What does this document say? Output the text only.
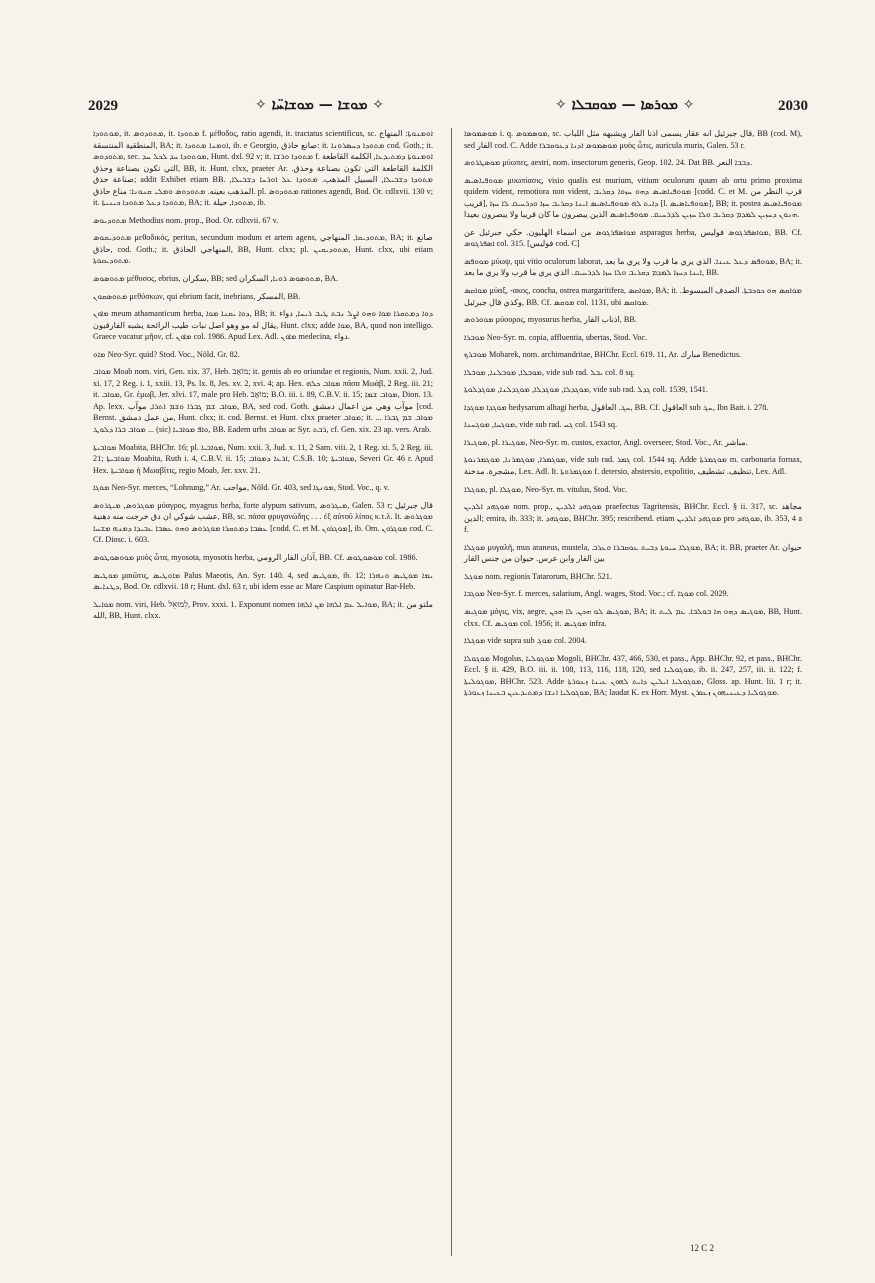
2029	✧ ܡܘܫܐ — ܡܘܫܐܚ̈ܐ ✧	✧ ܡܘܪܣܐ — ܡܘܩܒܠܐ ✧	2030

ܡܘܬܘܕܐ, it. ܡܬܘܕܘܣ, it. ܡܬܘܕܐ f. μέθοδος, ratio agendi, it. tractatus scientificus, sc. ܐܘܡܢܘܬܐ: المنهاج المنطقية المنتسقة, BA; it. ܐܘܡܢܐ ܡܬܘܕܐ, ib. e Georgio, صانع حاذق: it. ܡܬܘܕܐ ܕܚܣܪܘܢܐ cod. Goth.; it. ܡܬܘܕܘܣ, sec. ܡܘܬܘܕܐ ܚܕ ܠܟܠ ܚܕ, Hunt. dxl. 92 v; it. ܡܬܘܕܐ ܘܪܫܐ f. ܐܘܡܢܘܬܐ ܕܡܬܝܕܥܐ, الكلمة القاطعة التي تكون بصناعة وحذق, BB, it. Hunt. clxx, praeter Ar. الكلمة القاطعة التي تكون بصناعة وحذق. صناعة حذق; addit Exhibet etiam BB. ܡܬܘܕܐ ܕܫܒܝܠܐ, السبيل المذهب. ܡܬܘܕܐ ܥܠ ܐܘܪܚܐ ܕܫܒܝܠܐ, المذهب بعينه. ܡܬܘܕܘܣ ܘܡܠܝ ܩܢܘܢܐ: مناع حاذق. pl. ܡܬܘܕܘܣ rationes agendi, Bod. Or. cdlxvii. 130 v; it. ܡܬܘܕܐ ܕܥܠ ܡܬܘܕܐ ܟܝܢܝܬܐ, BA; it. ܡܬܘܕܐ, حيلة, ib.

ܡܬܘܕܝܘܣ Methodius nom. prop., Bod. Or. cdlxvii. 67 v.

ܡܬܘܕܝܩܘܣ μεθοδικός, peritus, secundum modum et artem agens, ܡܬܘܕܝܩܐ, المنهاجي, BA; it. صانع حاذق, cod. Goth.; it. المنهاجي الحاذق, BB, Hunt. clxx; pl. ܡܬܘܕܝܩܝܢ, Hunt. clxx, ubi etiam ܡܬܘܕܝܩܘܬܐ.

ܡܬܘܣܘܣ μέθυσος, ebrius, سكران, BB; sed ܡܬܘܣܘܣ ܪܘܝܐ, السكران, BA.

ܡܬܘܣܩܘܢ μεθύσκων, qui ebrium facit, inebrians, المسكر, BB.

ܡܐܘܢ meum athamanticum herba, ܕܘܐ ܝܩܢܐ ܡܘܐ, BB; it. ܕܘܐ ܕܡܬܩܪܐ ܡܘܐ ܘܗܘ ܐܨܠ ܢܒܬ ܛܝܒ ܪܝܚܐ, دواء يقال له مو وهو اصل نبات طيب الرائحة يشبه الفارقيون, Hunt. clxx; adde ܡܘܐ, BA, quod non intelligo. Graece vocatur μῆον, cf. ܡܐܘܢ col. 1986. Apud Lex. Adl. ܡܐܘܢ medecina, دواء.

ܡܐܘ Neo-Syr. quid? Stod. Voc., Nöld. Gr. 82.

ܡܘܐܒ Moab nom. viri, Gen. xix. 37, Heb. מוֹאָב; it. gentis ab eo oriundae et regionis, Num. xxii. 2, Jud. xi. 17, 2 Reg. i. 1, xxiii. 13, Ps. lx. 8, Jes. xv. 2, xvi. 4; ap. Hex. ܡܘܐܒ ܟܠܗ πᾶσα Μωάβ, 2 Reg. iii. 21; it. ܡܘܐܒ, Gr. ἐμωβ, Jer. xlvi. 17, male pro Heb. מוֹאָב; B.O. iii. i. 89, C.B.V. ii. 15; ܡܘܐܒ ܫܡܐ, Dion. 13. Ap. lexx. ܡܘܐܒ ܫܡ ܓܒܪܐ ܘܫܡ ܐܬܪܐ, موآب, BA, sed cod. Goth. موآب وهي من اعمال دمشق [cod. Bernst. من عمل دمشق, Hunt. clxx; it. cod. Bernst. et Hunt. clxx praeter ܡܘܐܒ; it. ܡܘܐܒ ܫܡ ܓܒܪܐ ... ܡܘܐܒ ܒܪܐ ܕܠܘܛ ... (sic) ܘܐܦ ܡܘܐܒܝܐ, BB. Eadem urbs ܡܘܐܒ ac Syr. ܪܒܬ, cf. Gen. xix. 23 ap. vers. Arab.

ܡܘܐܒܝܬܐ Moabita, BHChr. 16; pl. ܡܘܐܒܝܐ, Num. xxii. 3, Jud. x. 11, 2 Sam. viii. 2, 1 Reg. xi. 5, 2 Reg. iii. 21; ܡܘܐܒܝܬܐ Moabita, Ruth i. 4, C.B.V. ii. 15; ܐܪܥܐ ܕܡܘܐܒ, C.S.B. 10; ܡܘܐܒܝܬܐ, Severi Gr. 46 r. Apud Hex. ܡܘܐܒܝܬܐ ἡ Μωαβῖτις, regio Moab, Jer. xxv. 21.

ܡܘܓܐ Neo-Syr. merces, “Lohnung,” Ar. مواجب, Nöld. Gr. 403, sed ܡܘܢܓܐ, Stod. Voc., q. v.

ܡܘܓܪܘܣ, ܡܝܓܪܘܣ μύαγρος, myagrus herba, forte alypum sativum, ܡܝܓܪܘܣ, Galen. 53 r; قال جبرئيل عشب شوكي ان دق خرجت منه دهنية, BB, sc. πάσα φρυγανώδης . . . ἐξ αὐτοῦ λίπος κ.τ.λ. It. ܡܘܓܪܘܣ ܥܣܒܐ ܕܡܬܩܪܐ ܡܘܓܪܘܣ ܘܗܘ ܥܣܒܐ ܥܒܝܕܐ ܕܡܢܗ ܡܫܚܐ [codd. C. et M. ܡܘܓܪܘܢ], ib. Om. ܡܘܓܪܘܢ cod. C. Cf. Diosc. i. 603.

ܡܘܘܣܘܛܘܣ μυὸς ὦτα, myosota, myosotis herba, آذان الفار الرومي, BB. Cf. ܡܘܣܘܛܘܣ col. 1986.

ܡܘܛܝܣ μαιῶτις, ܡܐܘܛܝܣ Palus Maeotis, An. Syr. 140. 4, sed ܡܘܛܝܣ, ib. 12; ܝܡܐ ܡܘܛܝܣ ܘܢܗܪܐ ܕܛܢܐܝܣ, Bod. Or. cdlxvii. 18 r; Hunt. dxl. 63 r, ubi idem esse ac Mare Caspium opinatur Bar-Heb.

ܡܘܐܝܠ nom. viri, Heb. לְמוּאֵל, Prov. xxxi. 1. Exponunt nomen ܡܘܐܝܠ ܥܡ ܐܠܗܐ ܡܢ ܐܠܗܐ, BA; it. ملتو من الله, BB, Hunt. clxx.

ܡܘܣܡܘܣܐ i. q. ܡܘܣܡܘܣ, sc. قال جبرئيل انه عقار يسمى اذنا الفار ويشبهه مثل اللباب, BB (cod. M), sed الفار cod. C. Adde ܡܘܣܡܘܣ ܐܕܢܐ ܕܥܘܩܒܪܐ μυὸς ὦτις, auricula muris, Galen. 53 r.

ܡܘܣܛܪܘܣ μύωπες, aestri, nom. insectorum generis, Geop. 102. 24. Dat BB. ܕܒܒܐ النعر.

ܡܘܘܦܝܐܣܝܣ μυωπίασις, visio qualis est murium, vitium oculorum quum ab ortu primo proxima quidem vident, remotiora non vident, ܡܘܘܦܝܐܣܝܣ ܕܗܘ ܚܙܘܐ ܕܩܪܝܒ [codd. C. et M. قرب النظر من قريب], ܕܐܝܬ ܠܗ ܡܘܘܦܝܐܣܝܣ ܐܝܢܐ ܕܩܪܝܒ ܚܙܐ ܘܕܪܚܝܩ ܠܐ ܚܙܐ [l. ܡܘܘܦܝܐܣܝܣ], BB; it. postea ܡܘܘܦܝܐܣܝܣ ܗܢܘܢ ܕܚܙܝܢ ܠܡܕܡ ܕܩܪܝܒ ܘܠܐ ܚܙܝܢ ܠܕܪܚܝܩ. ܡܘܘܦܝܐܣܝܣ الذين يبصرون ما كان قريبا ولا يبصرون بعيدا.

ܡܘܐܣܦܪܓܘܣ من اسماء الهليون. حكي جبرئيل عن asparagus herba, ܡܘܐܣܦܪܓܘܣ فوليس, BB. Cf. ܐܣܦܪܓܘܣ col. 315. [فوليس cod. C]

ܡܘܘܦܣ μύωψ, qui vitio oculorum laborat, ܡܘܘܦܣ ܕܥܠ ܥܝܢܐ. الذي يري ما قرب ولا يري ما بعد, BA; it. ܐܝܢܐ ܕܚܙܐ ܠܡܕܡ ܕܩܪܝܒ ܘܠܐ ܚܙܐ ܠܕܪܚܝܩ. الذي يري ما قرب ولا يري ما بعد, BB.

ܡܘܐܩܣ μύαξ, -ακος, concha, ostrea margaritifera, ܡܘܐܩܣ, BA; it. ܡܘܐܩܣ ܗܘ ܟܘܟܒܬܐ. الصدف المبسوط. وكذي قال جبرئيل, BB. Cf. ܡܘܩܣ col. 1131, ubi ܡܘܐܩܣ.

ܡܘܘܪܘܣ μύουρος, myosurus herba, اذناب الفار, BB.

ܡܘܒܪܐ Neo-Syr. m. copia, affluentia, ubertas, Stod. Voc.

ܡܘܒܪܟ Mobarek, nom. archimandritae, BHChr. Eccl. 619. 11, Ar. مبارك Benedictus.

ܡܘܒܠܐ, ܡܘܒܠܢܐ, ܡܘܒܠܐ, vide sub rad. ܝܒܠ col. 8 sq.

ܡܘܓܕܠܐ, ܡܘܓܕܠܐ, ܡܘܓܕܠܢܐ, ܡܘܓܕܠܘܬܐ, vide sub rad. ܓܕܠ coll. 1539, 1541.

ܡܘܓܕܐ ܡܘܓܕܐ hedysarum alhagi herba, ܚܓ. العاقول, BB. Cf. العاقول sub ܚܓ, Ibn Bait. i. 278.

ܡܘܓܚܐ, ܡܘܓܚܢܐ, vide sub rad. ܓܚ col. 1543 sq.

ܡܘܓܝܪܐ, pl. ܡܘܓܝܪܐ, Neo-Syr. m. custos, exactor, Angl. overseer, Stod. Voc., Ar. مباشر.

ܡܘܓܡܪܐ, ܡܘܓܡܪܢܐ, ܡܘܓܡܪܢܘܬܐ, vide sub rad. ܓܡܪ col. 1544 sq. Adde ܡܘܓܡܪܬܐ m. carbonaria fornax, مشجرة. مدخنة, Lex. Adl. It. ܡܘܓܡܪܘܬܐ f. detersio, abstersio, expolitio, تنظيف. تشطيف, Lex. Adl.

ܡܘܓܠܐ, pl. ܡܘܓܠܐ, Neo-Syr. m. vitulus, Stod. Voc.

ܡܘܓܗܕ ܐܠܕܝܢ nom. prop., ܡܘܓܗܕ ܐܠܕܝܢ praefectus Tagritensis, BHChr. Eccl. § ii. 317, sc. مجاهد الدين; emira, ib. 333; it. ܡܘܓܗܕ, BHChr. 395; rescribend. etiam ܡܘܓܗܕ ܐܠܕܝܢ pro ܡܘܓܗܕ, ib. 353, 4 a f.

ܡܘܓܠܐ μυγαλῆ, mus araneus, mustela, ܡܘܓܠܐ ܚܝܘܬܐ ܕܒܝܬ ܥܘܩܒܪܐ ܘܥܪܒ, BA; it. BB, praeter Ar. حيوان بين الفار وابن عرس. حيوان من جنس الفار

ܡܘܓܠ nom. regionis Tatarorum, BHChr. 521.

ܡܘܓܒܐ Neo-Syr. f. merces, salarium, Angl. wages, Stod. Voc.; cf. ܡܘܓܐ col. 2029.

ܡܘܓܝܣ μόγις, vix, aegre, ܡܘܓܝܣ ܠܘ ܗܟܢ. ܠܐ ܗܟܢ, BA; it. ܡܘܓܝܣ ܕܗܘ ܗܐ ܒܘܠܒܐ. ܥܡ ܠܝܬ, BB, Hunt. clxx. Cf. ܡܘܓܝܣ col. 1956; it. ܡܘܓܝܣ infra.

ܡܘܓܠܐ vide supra sub ܡܘܓ col. 2004.

ܡܘܓܘܠܐ Mogolus, ܡܘܓܘܠܝܐ Mogoli, BHChr. 437, 466, 530, et pass., App. BHChr. 92, et pass., BHChr. Eccl. § ii. 429, B.O. iii. ii. 108, 113, 116, 118, 120, sed ܡܘܓܘܠܝܐ, ib. ii. 247, 257, iii. ii. 122; f. ܡܘܓܘܠܝܬܐ, BHChr. 523. Adde ܡܘܓܘܠܝܐ ܐܝܠܝܢ ܕܐܝܬ ܠܗܘܢ ܥܝܢܐ ܙܥܘܪܬܐ, Gloss. ap. Hunt. lii. 1 r; it. ܡܘܓܘܠܝܐ ܐܢܫܐ ܕܡܬܝܕܥܝܢ ܒܥܝܢܐ ܙܥܘܪܬܐ, BA; laudat K. ex Horr. Myst. ܡܘܓܘܠܝܐ ܕܥܝܢܝܗܘܢ ܙܥܘܪܢ.

12 C 2
